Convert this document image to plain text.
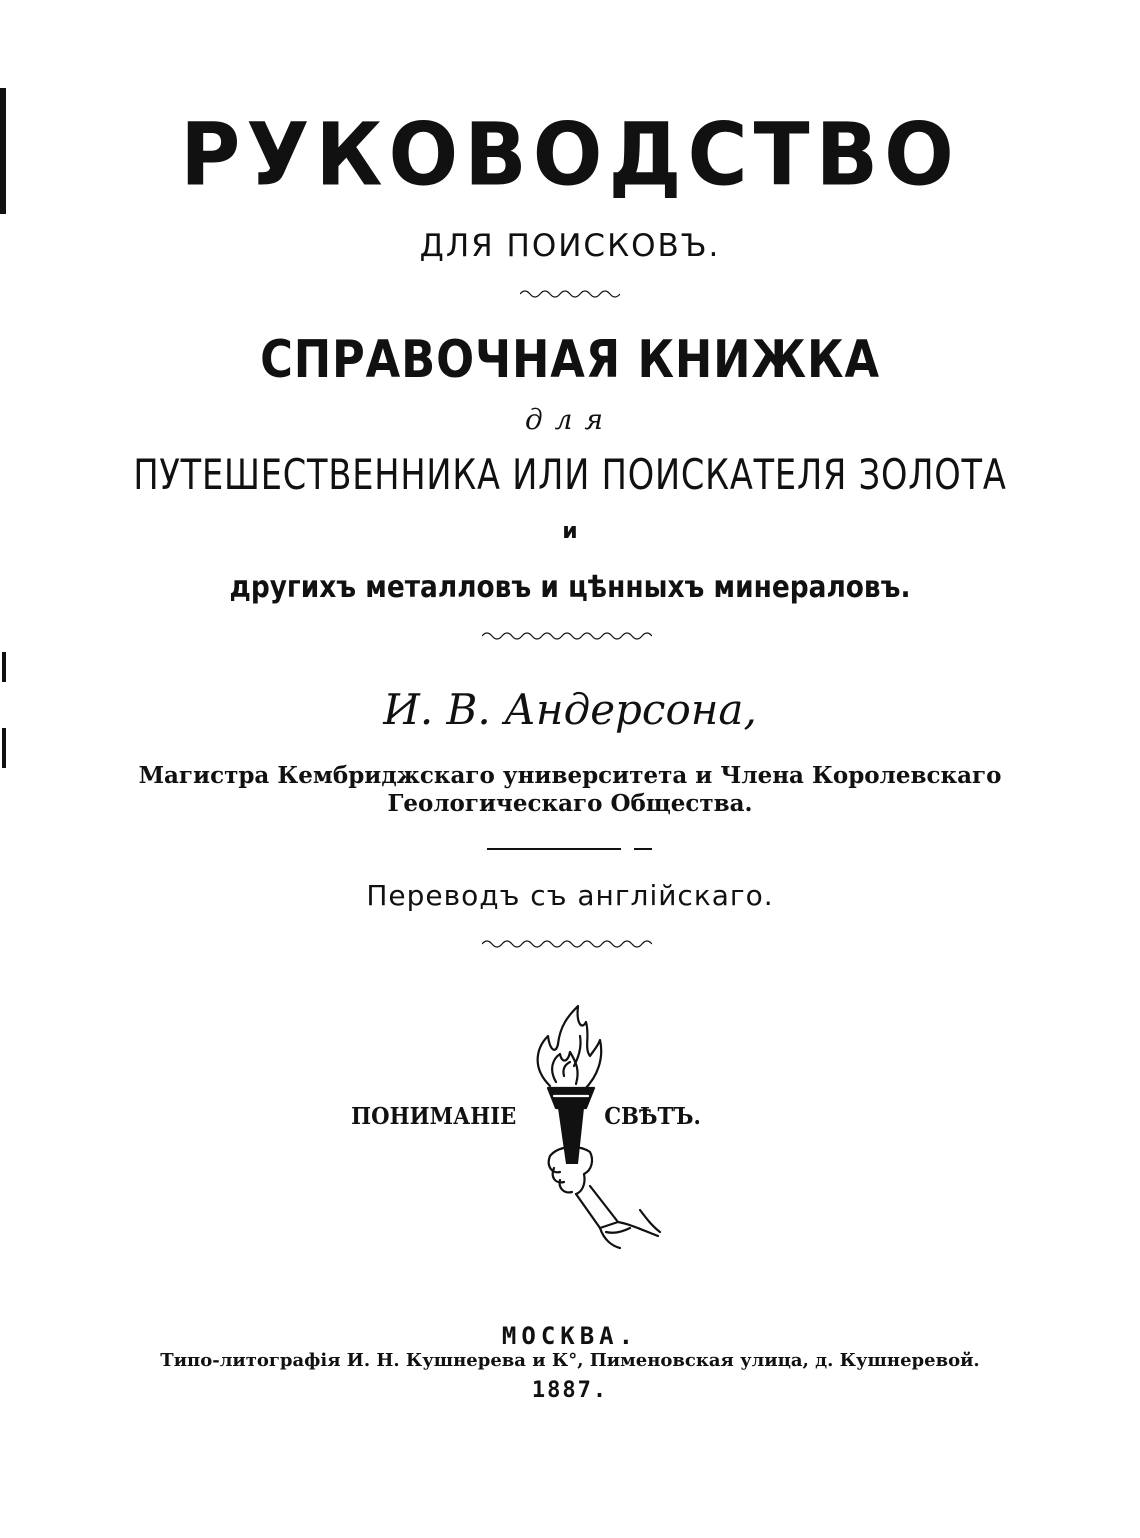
РУКОВОДСТВО
ДЛЯ ПОИСКОВЪ.
СПРАВОЧНАЯ КНИЖКА
для
ПУТЕШЕСТВЕННИКА ИЛИ ПОИСКАТЕЛЯ ЗОЛОТА
и
другихъ металловъ и цѣнныхъ минераловъ.
И. В. Андерсона,
Магистра Кембриджскаго университета и Члена Королевскаго
Геологическаго Общества.
Переводъ съ англійскаго.
ПОНИМАНІЕ	СВѢТЪ.
МОСКВА.
Типо-литографія И. Н. Кушнерева и К°, Пименовская улица, д. Кушнеревой.
1887.
